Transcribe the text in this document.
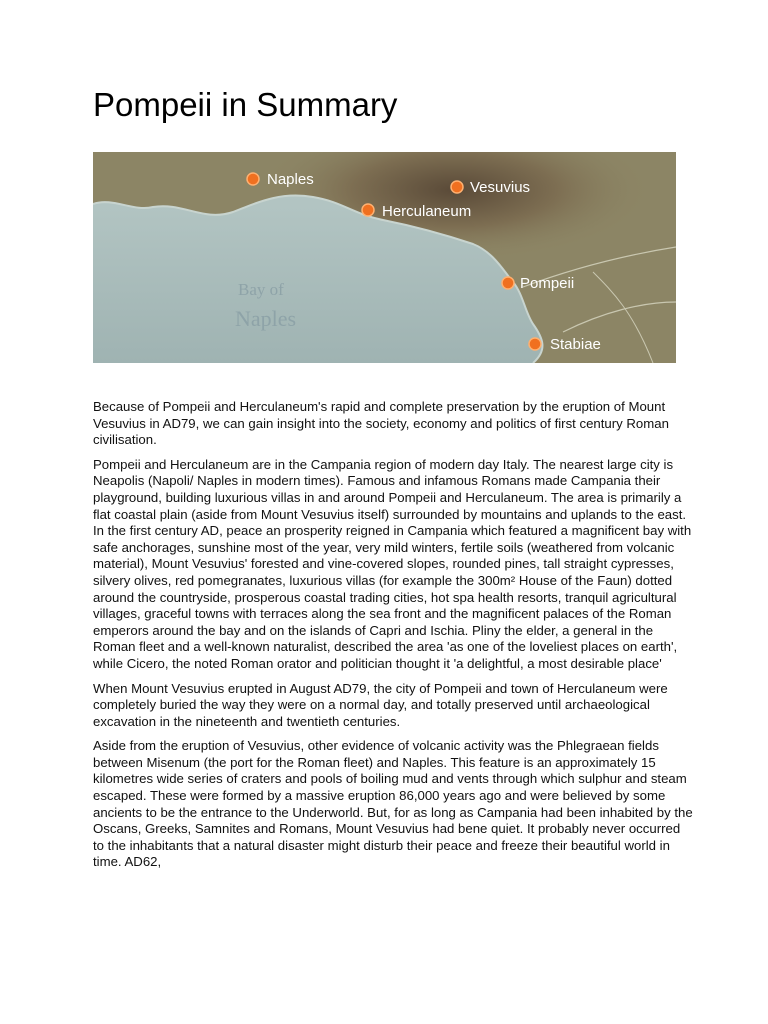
Pompeii in Summary
Bay of
Naples
Naples	Vesuvius
Herculaneum
Pompeii
Stabiae

Because of Pompeii and Herculaneum's rapid and complete preservation by the eruption of Mount Vesuvius in AD79, we can gain insight into the society, economy and politics of first century Roman civilisation.

Pompeii and Herculaneum are in the Campania region of modern day Italy. The nearest large city is Neapolis (Napoli/ Naples in modern times). Famous and infamous Romans made Campania their playground, building luxurious villas in and around Pompeii and Herculaneum. The area is primarily a flat coastal plain (aside from Mount Vesuvius itself) surrounded by mountains and uplands to the east. In the first century AD, peace an prosperity reigned in Campania which featured a magnificent bay with safe anchorages, sunshine most of the year, very mild winters, fertile soils (weathered from volcanic material), Mount Vesuvius' forested and vine-covered slopes, rounded pines, tall straight cypresses, silvery olives, red pomegranates, luxurious villas (for example the 300m² House of the Faun) dotted around the countryside, prosperous coastal trading cities, hot spa health resorts, tranquil agricultural villages, graceful towns with terraces along the sea front and the magnificent palaces of the Roman emperors around the bay and on the islands of Capri and Ischia. Pliny the elder, a general in the Roman fleet and a well-known naturalist, described the area 'as one of the loveliest places on earth', while Cicero, the noted Roman orator and politician thought it 'a delightful, a most desirable place'

When Mount Vesuvius erupted in August AD79, the city of Pompeii and town of Herculaneum were completely buried the way they were on a normal day, and totally preserved until archaeological excavation in the nineteenth and twentieth centuries.

Aside from the eruption of Vesuvius, other evidence of volcanic activity was the Phlegraean fields between Misenum (the port for the Roman fleet) and Naples. This feature is an approximately 15 kilometres wide series of craters and pools of boiling mud and vents through which sulphur and steam escaped. These were formed by a massive eruption 86,000 years ago and were believed by some ancients to be the entrance to the Underworld. But, for as long as Campania had been inhabited by the Oscans, Greeks, Samnites and Romans, Mount Vesuvius had bene quiet. It probably never occurred to the inhabitants that a natural disaster might disturb their peace and freeze their beautiful world in time. AD62,
